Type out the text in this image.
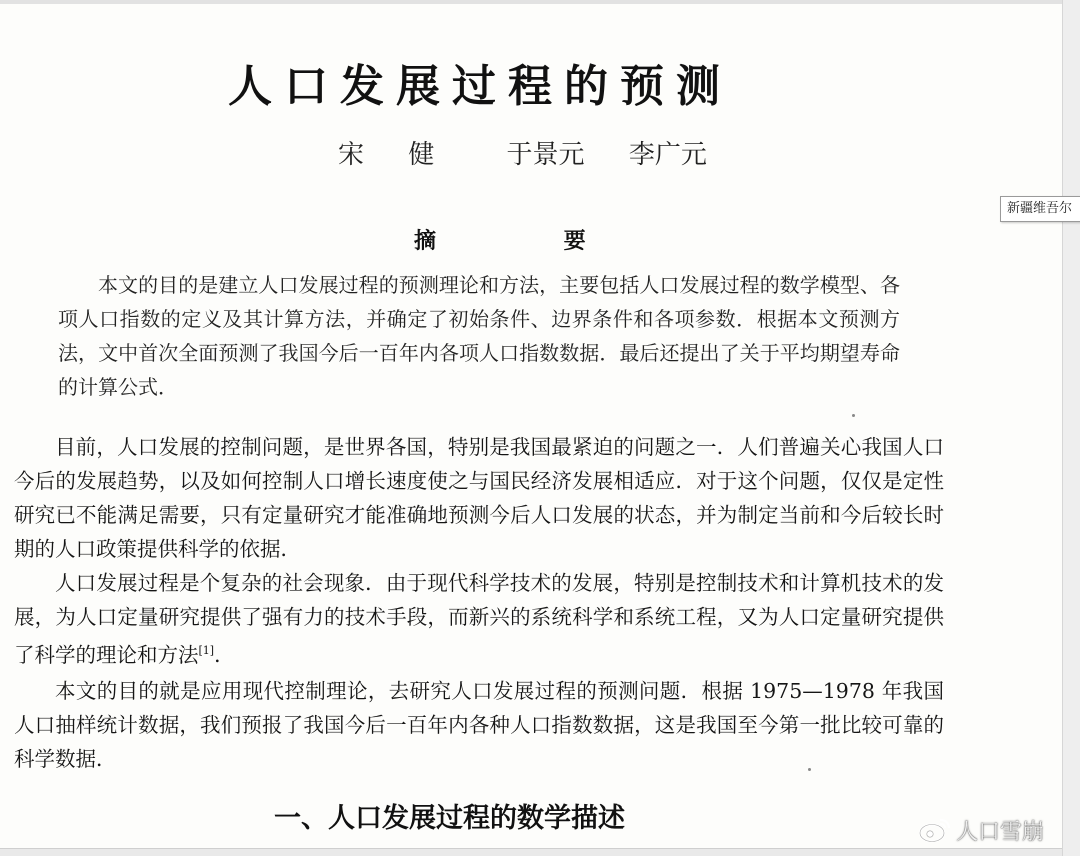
人口发展过程的预测
宋 健 于景元 李广元
摘 要

本文的目的是建立人口发展过程的预测理论和方法，主要包括人口发展过程的数学模型、各项人口指数的定义及其计算方法，并确定了初始条件、边界条件和各项参数．根据本文预测方法，文中首次全面预测了我国今后一百年内各项人口指数数据．最后还提出了关于平均期望寿命的计算公式．

目前，人口发展的控制问题，是世界各国，特别是我国最紧迫的问题之一．人们普遍关心我国人口今后的发展趋势，以及如何控制人口增长速度使之与国民经济发展相适应．对于这个问题，仅仅是定性研究已不能满足需要，只有定量研究才能准确地预测今后人口发展的状态，并为制定当前和今后较长时期的人口政策提供科学的依据．

人口发展过程是个复杂的社会现象．由于现代科学技术的发展，特别是控制技术和计算机技术的发展，为人口定量研究提供了强有力的技术手段，而新兴的系统科学和系统工程，又为人口定量研究提供了科学的理论和方法[1]．

本文的目的就是应用现代控制理论，去研究人口发展过程的预测问题．根据 1975—1978 年我国人口抽样统计数据，我们预报了我国今后一百年内各种人口指数数据，这是我国至今第一批比较可靠的科学数据．

一、人口发展过程的数学描述	人口雪崩
新疆维吾尔
